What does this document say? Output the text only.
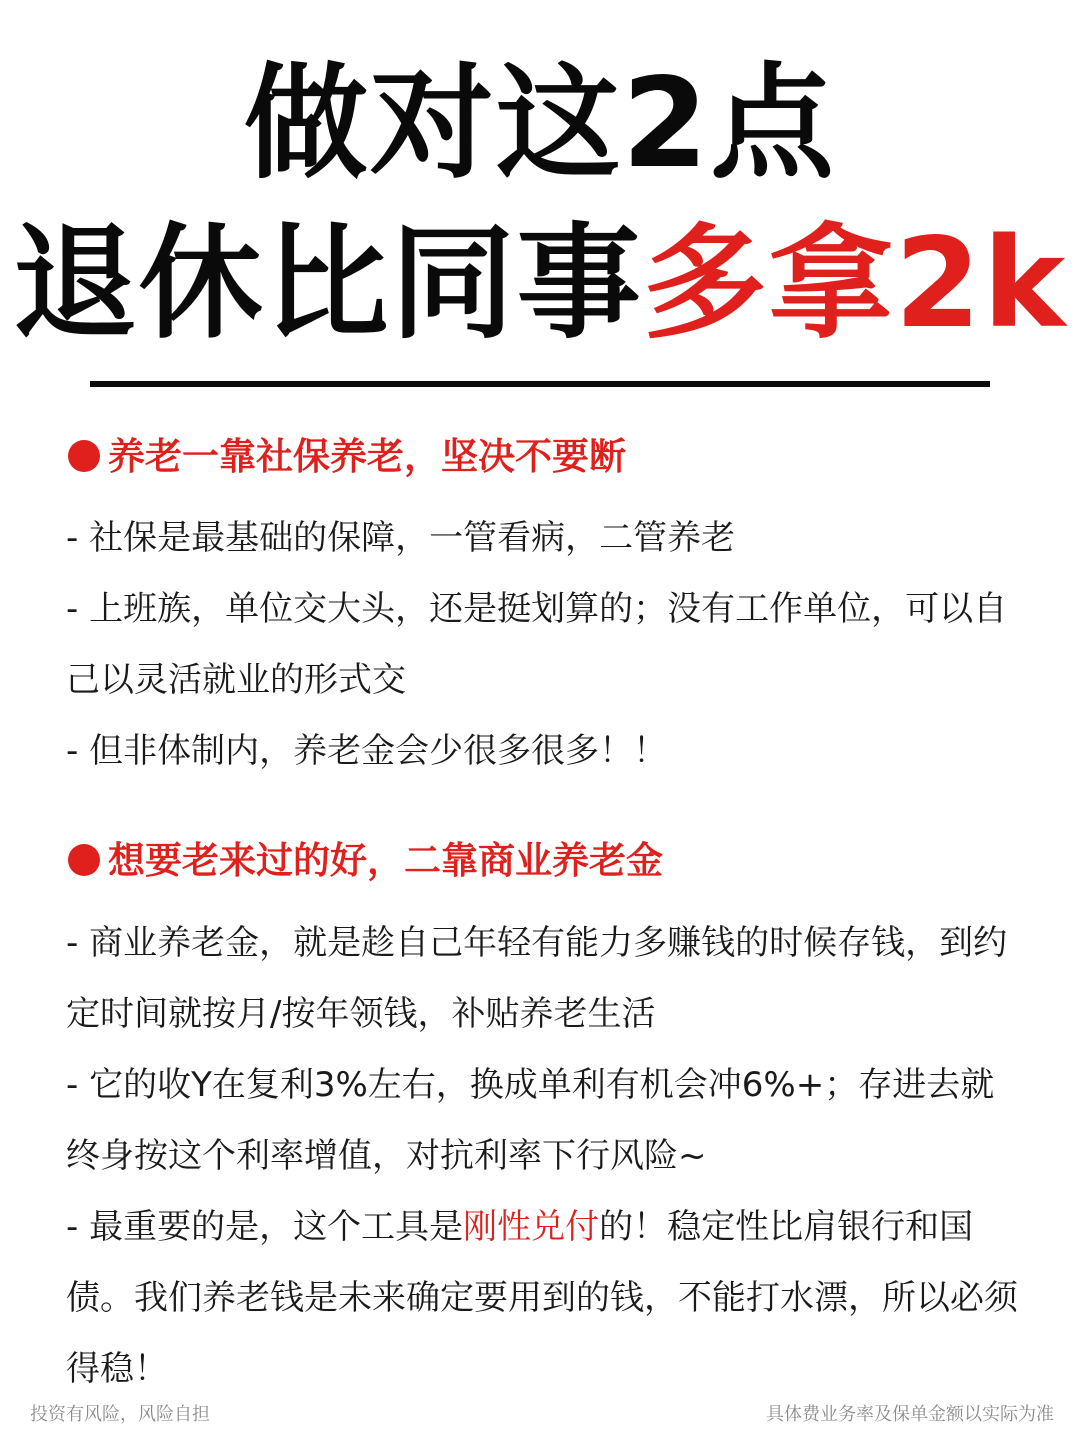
做对这2点
退休比同事多拿2k
养老一靠社保养老，坚决不要断

- 社保是最基础的保障，一管看病，二管养老

- 上班族，单位交大头，还是挺划算的；没有工作单位，可以自己以灵活就业的形式交

- 但非体制内，养老金会少很多很多！！

想要老来过的好，二靠商业养老金

- 商业养老金，就是趁自己年轻有能力多赚钱的时候存钱，到约定时间就按月/按年领钱，补贴养老生活

- 它的收Y在复利3%左右，换成单利有机会冲6%+；存进去就终身按这个利率增值，对抗利率下行风险~

- 最重要的是，这个工具是刚性兑付的！稳定性比肩银行和国债。我们养老钱是未来确定要用到的钱，不能打水漂，所以必须得稳！

投资有风险，风险自担	具体费业务率及保单金额以实际为准
